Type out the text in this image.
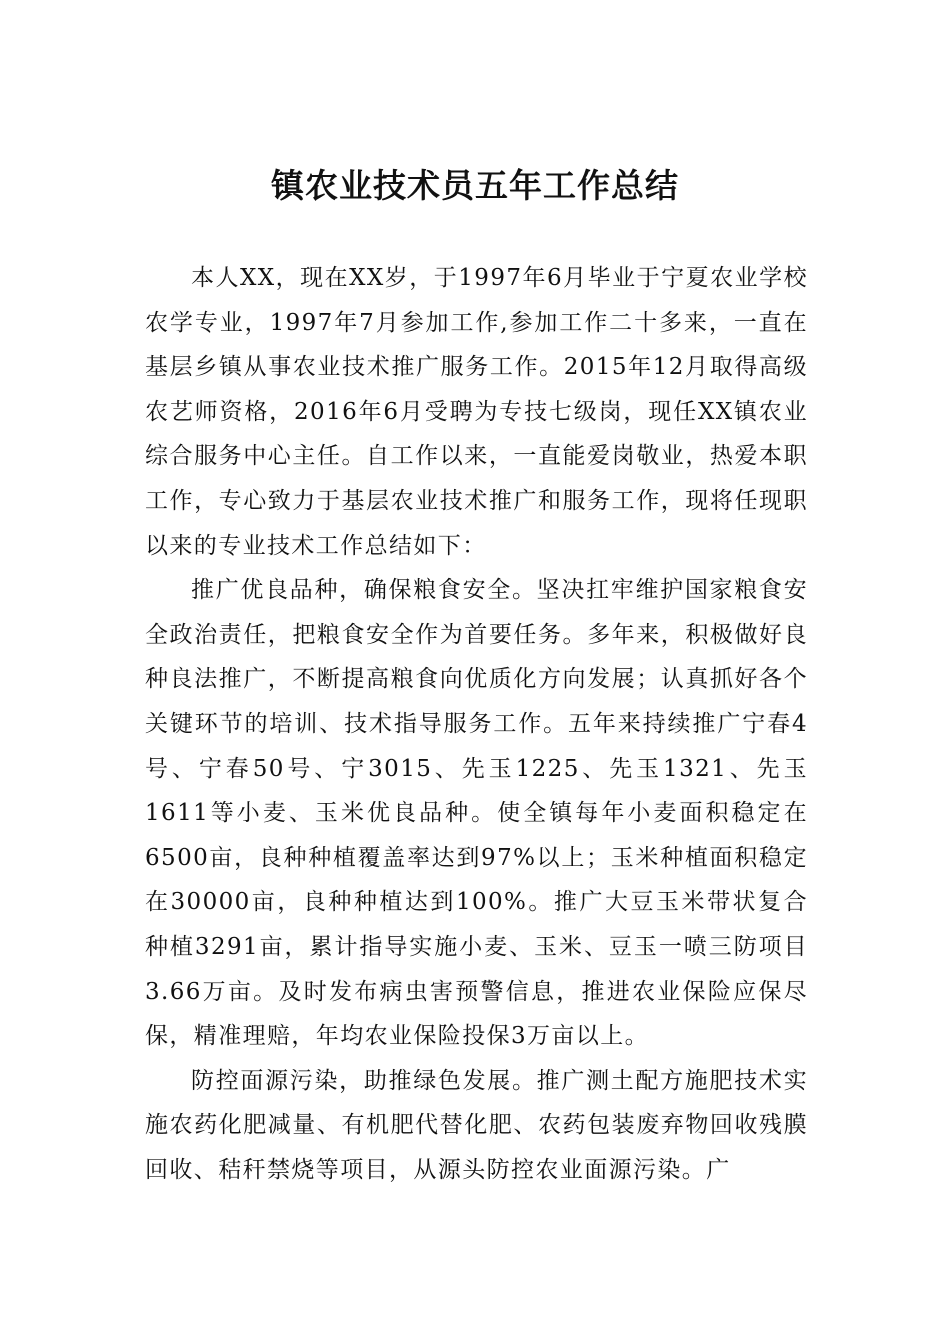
镇农业技术员五年工作总结

本人XX，现在XX岁，于1997年6月毕业于宁夏农业学校农学专业，1997年7月参加工作,参加工作二十多来，一直在基层乡镇从事农业技术推广服务工作。2015年12月取得高级农艺师资格，2016年6月受聘为专技七级岗，现任XX镇农业综合服务中心主任。自工作以来，一直能爱岗敬业，热爱本职工作，专心致力于基层农业技术推广和服务工作，现将任现职以来的专业技术工作总结如下：

推广优良品种，确保粮食安全。坚决扛牢维护国家粮食安全政治责任，把粮食安全作为首要任务。多年来，积极做好良种良法推广，不断提高粮食向优质化方向发展；认真抓好各个关键环节的培训、技术指导服务工作。五年来持续推广宁春4号、宁春50号、宁3015、先玉1225、先玉1321、先玉1611等小麦、玉米优良品种。使全镇每年小麦面积稳定在6500亩，良种种植覆盖率达到97%以上；玉米种植面积稳定在30000亩，良种种植达到100%。推广大豆玉米带状复合种植3291亩，累计指导实施小麦、玉米、豆玉一喷三防项目3.66万亩。及时发布病虫害预警信息，推进农业保险应保尽保，精准理赔，年均农业保险投保3万亩以上。

防控面源污染，助推绿色发展。推广测土配方施肥技术实施农药化肥减量、有机肥代替化肥、农药包装废弃物回收残膜回收、秸秆禁烧等项目，从源头防控农业面源污染。广
